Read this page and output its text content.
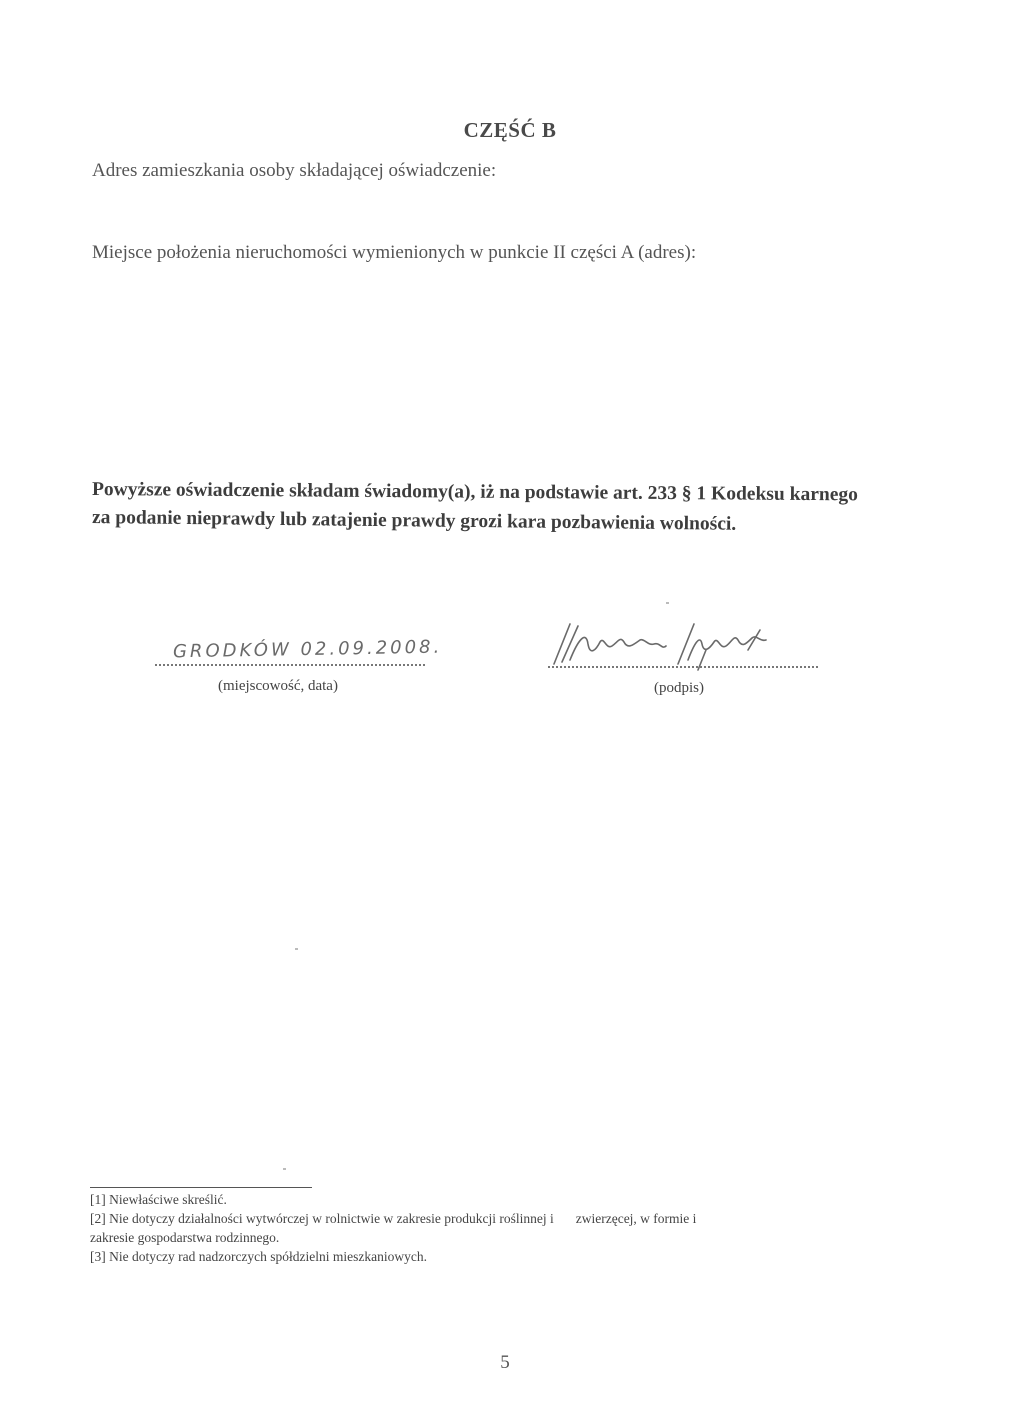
CZĘŚĆ B
Adres zamieszkania osoby składającej oświadczenie:
Miejsce położenia nieruchomości wymienionych w punkcie II części A (adres):
Powyższe oświadczenie składam świadomy(a), iż na podstawie art. 233 § 1 Kodeksu karnego
za podanie nieprawdy lub zatajenie prawdy grozi kara pozbawienia wolności.
GRODKÓW 02.09.2008.
(miejscowość, data)	(podpis)
[1] Niewłaściwe skreślić.
[2] Nie dotyczy działalności wytwórczej w rolnictwie w zakresie produkcji roślinnej i zwierzęcej, w formie i
zakresie gospodarstwa rodzinnego.
[3] Nie dotyczy rad nadzorczych spółdzielni mieszkaniowych.
5
